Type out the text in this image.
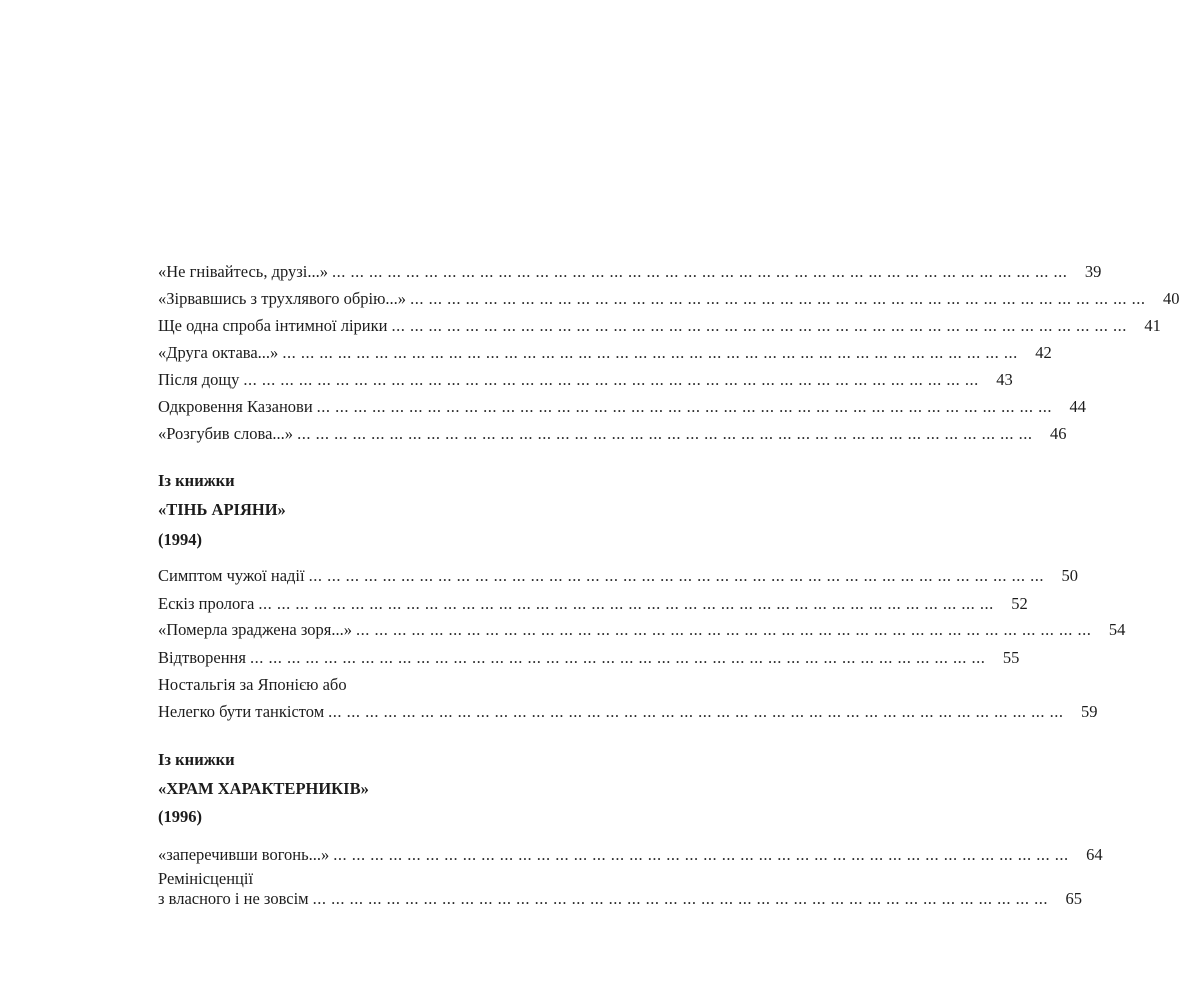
«Не гнівайтесь, друзі...» ... ... ... ... ... ... ... ... ... ... ... ... ... ... ... ... ... ... ... ... ... ... ... ... ... ... ... ... ... ... ... ... ... ... ... ... ... ... ... ...	39
«Зірвавшись з трухлявого обрію...» ... ... ... ... ... ... ... ... ... ... ... ... ... ... ... ... ... ... ... ... ... ... ... ... ... ... ... ... ... ... ... ... ... ... ... ... ... ... ... ...	40
Ще одна спроба інтимної лірики ... ... ... ... ... ... ... ... ... ... ... ... ... ... ... ... ... ... ... ... ... ... ... ... ... ... ... ... ... ... ... ... ... ... ... ... ... ... ... ...	41
«Друга октава...» ... ... ... ... ... ... ... ... ... ... ... ... ... ... ... ... ... ... ... ... ... ... ... ... ... ... ... ... ... ... ... ... ... ... ... ... ... ... ... ...	42
Після дощу ... ... ... ... ... ... ... ... ... ... ... ... ... ... ... ... ... ... ... ... ... ... ... ... ... ... ... ... ... ... ... ... ... ... ... ... ... ... ... ...	43
Одкровення Казанови ... ... ... ... ... ... ... ... ... ... ... ... ... ... ... ... ... ... ... ... ... ... ... ... ... ... ... ... ... ... ... ... ... ... ... ... ... ... ... ...	44
«Розгубив слова...» ... ... ... ... ... ... ... ... ... ... ... ... ... ... ... ... ... ... ... ... ... ... ... ... ... ... ... ... ... ... ... ... ... ... ... ... ... ... ... ...	46
Із книжки
«ТІНЬ АРІЯНИ»
(1994)
Симптом чужої надії ... ... ... ... ... ... ... ... ... ... ... ... ... ... ... ... ... ... ... ... ... ... ... ... ... ... ... ... ... ... ... ... ... ... ... ... ... ... ... ...	50
Ескіз пролога ... ... ... ... ... ... ... ... ... ... ... ... ... ... ... ... ... ... ... ... ... ... ... ... ... ... ... ... ... ... ... ... ... ... ... ... ... ... ... ...	52
«Померла зраджена зоря...» ... ... ... ... ... ... ... ... ... ... ... ... ... ... ... ... ... ... ... ... ... ... ... ... ... ... ... ... ... ... ... ... ... ... ... ... ... ... ... ...	54
Відтворення ... ... ... ... ... ... ... ... ... ... ... ... ... ... ... ... ... ... ... ... ... ... ... ... ... ... ... ... ... ... ... ... ... ... ... ... ... ... ... ...	55
Ностальгія за Японією або
Нелегко бути танкістом ... ... ... ... ... ... ... ... ... ... ... ... ... ... ... ... ... ... ... ... ... ... ... ... ... ... ... ... ... ... ... ... ... ... ... ... ... ... ... ...	59
Із книжки
«ХРАМ ХАРАКТЕРНИКІВ»
(1996)
«заперечивши вогонь...» ... ... ... ... ... ... ... ... ... ... ... ... ... ... ... ... ... ... ... ... ... ... ... ... ... ... ... ... ... ... ... ... ... ... ... ... ... ... ... ...	64
Ремінісценції
з власного і не зовсім ... ... ... ... ... ... ... ... ... ... ... ... ... ... ... ... ... ... ... ... ... ... ... ... ... ... ... ... ... ... ... ... ... ... ... ... ... ... ... ...	65
